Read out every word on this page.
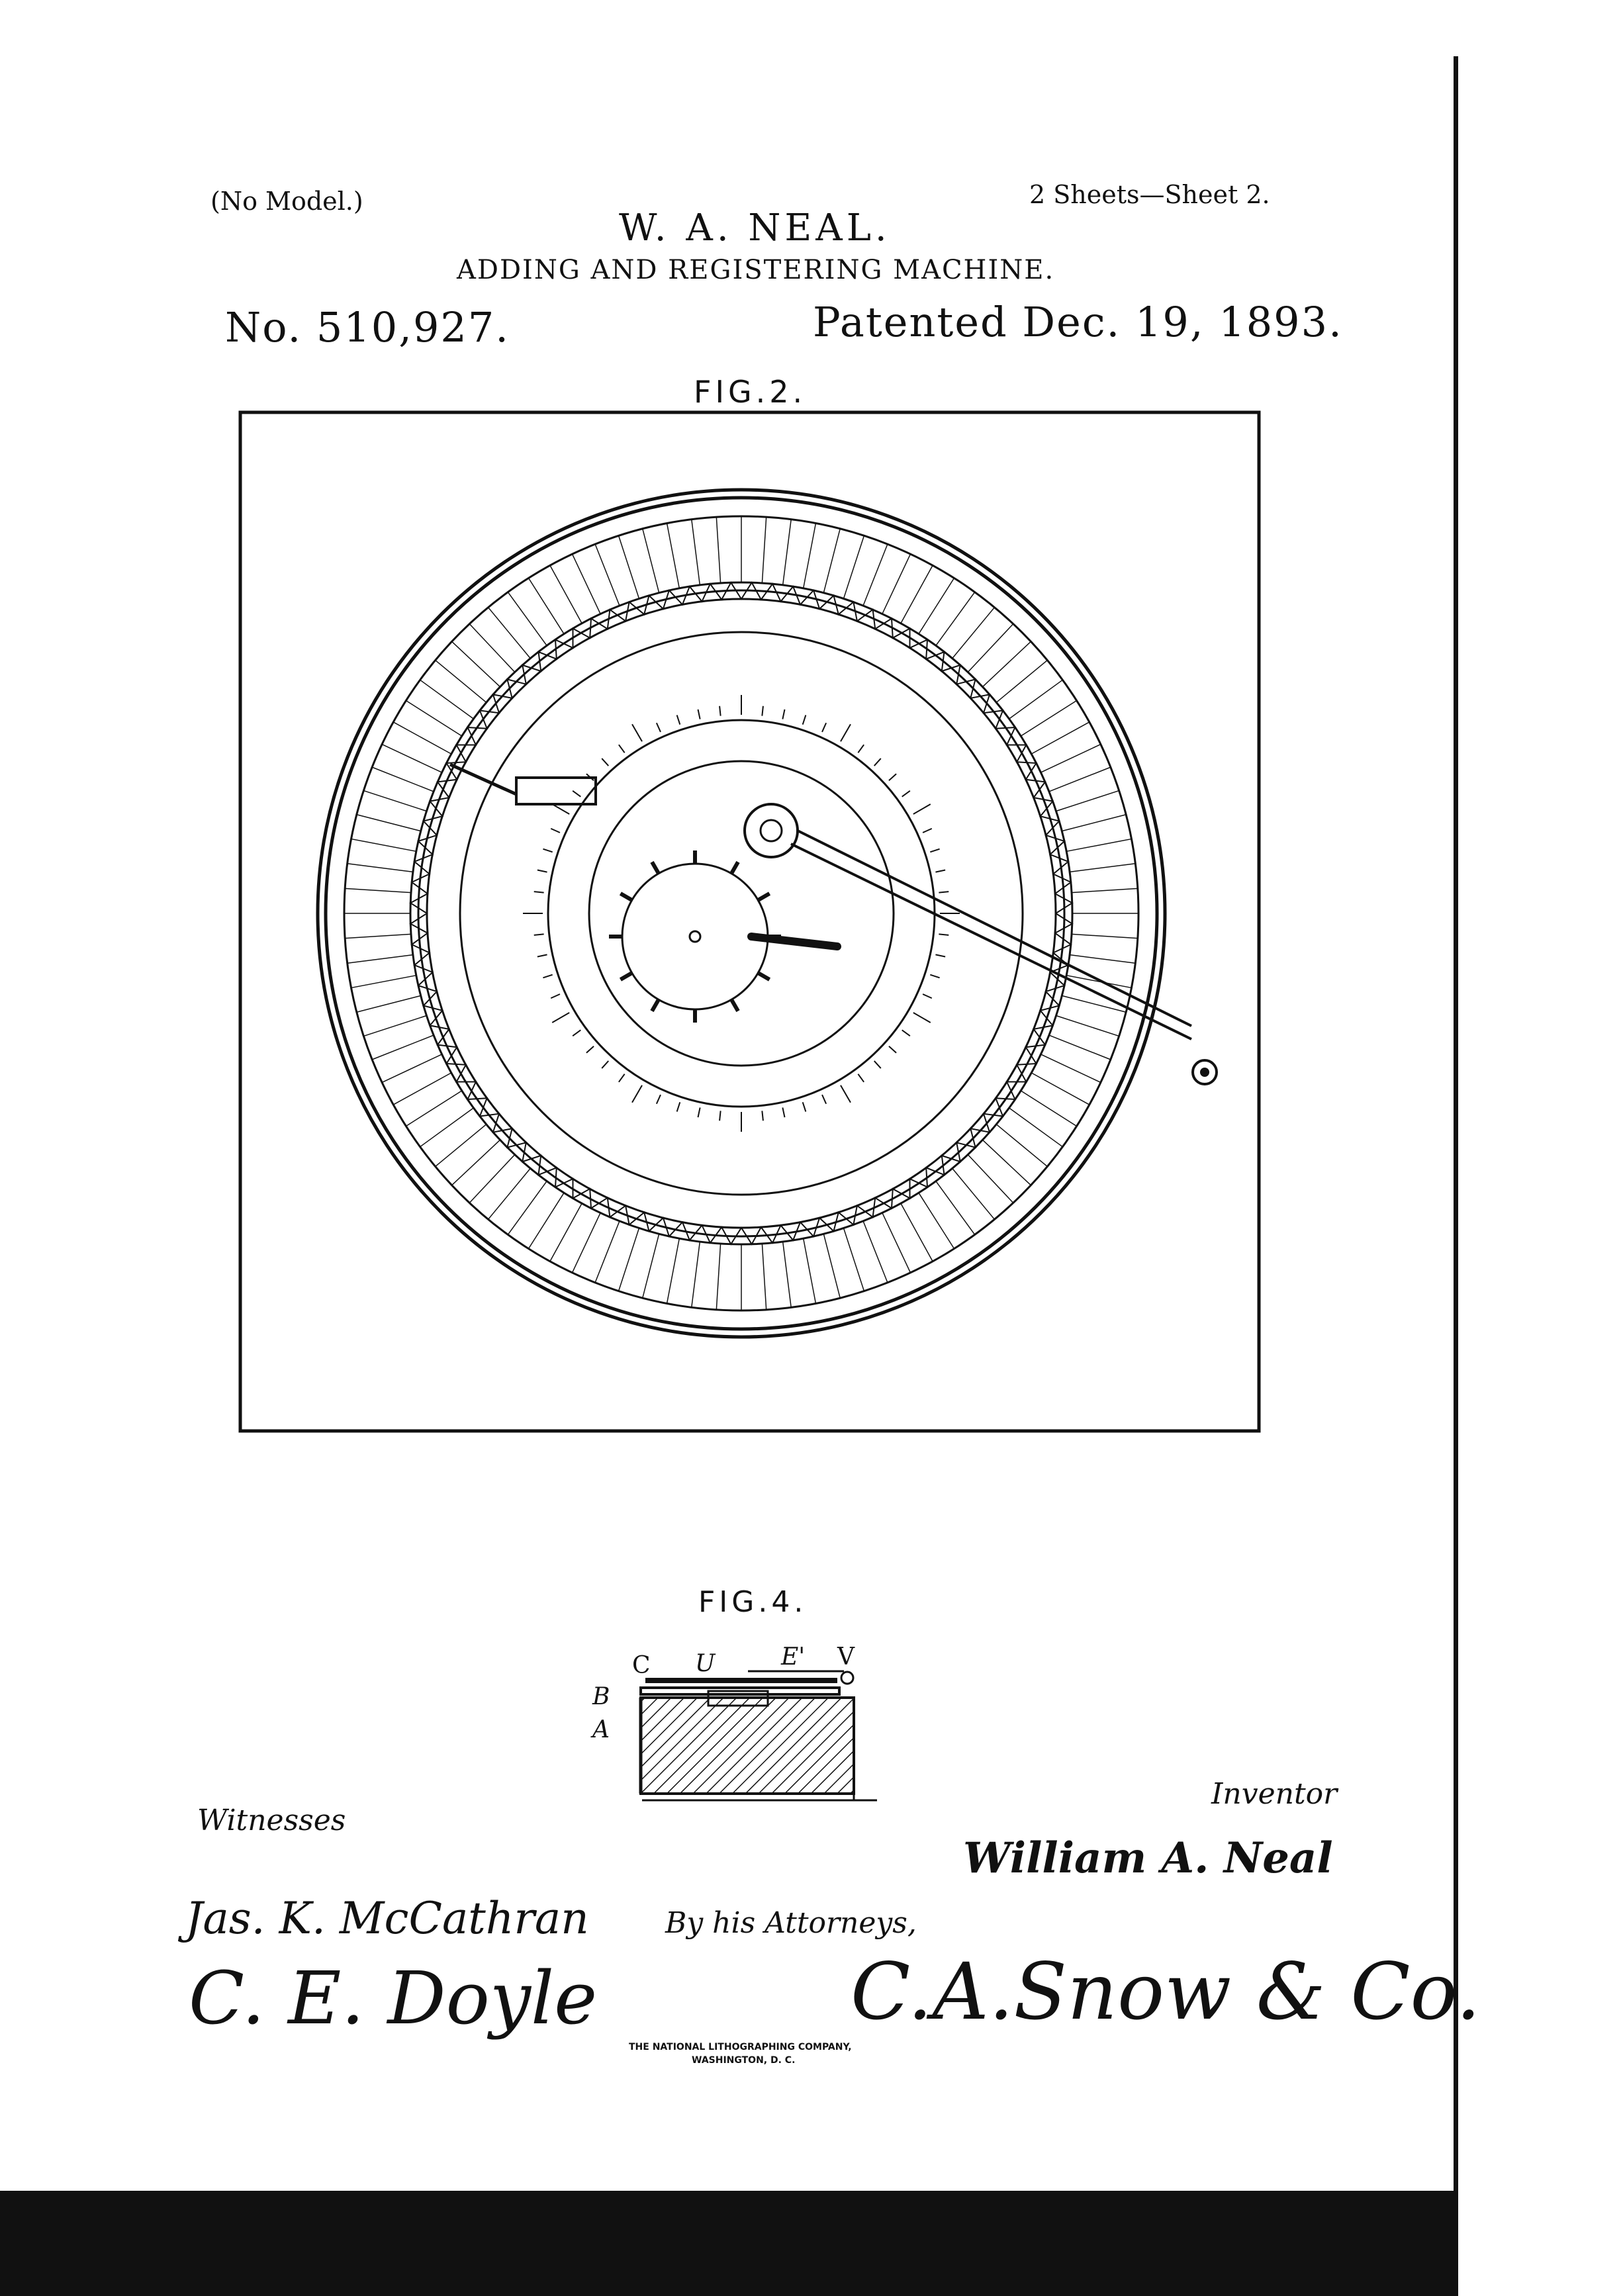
(No Model.)	2 Sheets—Sheet 2.
W. A. NEAL.
ADDING AND REGISTERING MACHINE.
No. 510,927.	Patented Dec. 19, 1893.
FIG.2.
FIG.4.
C U	E' V
B
A
Witnesses
Inventor
William A. Neal
Jas. K. McCathran	By his Attorneys,
C. E. Doyle	C.A.Snow & Co.
THE NATIONAL LITHOGRAPHING COMPANY,
WASHINGTON, D. C.
